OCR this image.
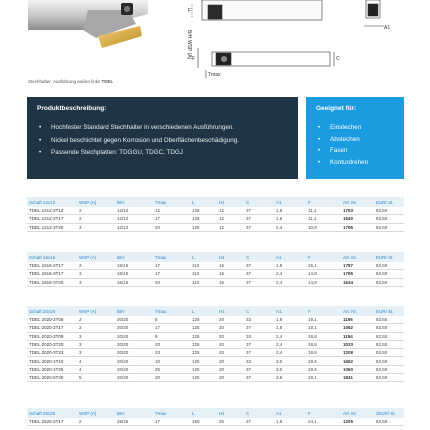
Stechhalter: Ausführung außen links TDEL
F
A1
WSP (A)
B/H
Tmax
F	C
Produktbeschreibung:
• Hochfester Standard Stechhalter in verschiedenen Ausführungen.
• Nickel beschichtet gegen Korrosion und Oberflächenbeschädigung.
• Passende Stechplatten: TDGGU, TDGC, TDGJ
Geeignet für:
• Einstechen
• Abstechen
• Fasen
• Konturdrehen
Schaft 12x12	WSP (A)	B/H	Tmax	L	H1	C	A1	F	Art. Nr.	EUR/ St.
TDEL 1212-2T12	2	12/12	12	125	12	37	1,8	11,1	1753	83,50
TDEL 1212-2T17	2	12/12	17	125	12	37	1,8	11,1	1540	83,50
TDEL 1212-3T20	3	12/12	20	125	12	37	2,4	10,8	1795	83,50
Schaft 16x16	WSP (A)	B/H	Tmax	L	H1	C	A1	F	Art. Nr.	EUR/ St.
TDEL 1616-2T17	2	16/16	17	110	16	37	1,8	15,1	1787	83,50
TDEL 1616-3T17	3	16/16	17	110	16	37	2,4	14,8	1795	83,50
TDEL 1616-3T20	3	16/16	20	110	16	37	2,4	14,8	1534	83,50
Schaft 20x20	WSP (A)	B/H	Tmax	L	H1	C	A1	F	Art. Nr.	EUR/ St.
TDEL 2020-2T08	2	20/20	8	125	20	33	1,8	19,1	1196	83,50
TDEL 2020-2T17	2	20/20	17	125	20	37	1,8	19,1	1062	83,50
TDEL 2020-3T09	3	20/20	9	125	20	33	2,4	18,8	1194	83,50
TDEL 2020-3T20	3	20/20	20	125	20	37	2,4	18,8	1033	83,50
TDEL 2020-3T23	3	20/20	23	125	20	37	2,4	18,8	1208	83,50
TDEL 2020-4T10	4	20/20	10	125	20	33	3,0	18,5	1652	83,50
TDEL 2020-4T25	4	20/20	25	125	20	37	3,0	18,5	1060	83,50
TDEL 2020-5T20	5	20/20	20	125	20	37	3,6	18,1	1841	83,50
Schaft 25x25	WSP (A)	B/H	Tmax	L	H1	C	A1	F	Art. Nr.	zEUR/ St.
TDEL 2525-2T17	2	25/25	17	150	25	37	1,8	24,1	1205	83,50
